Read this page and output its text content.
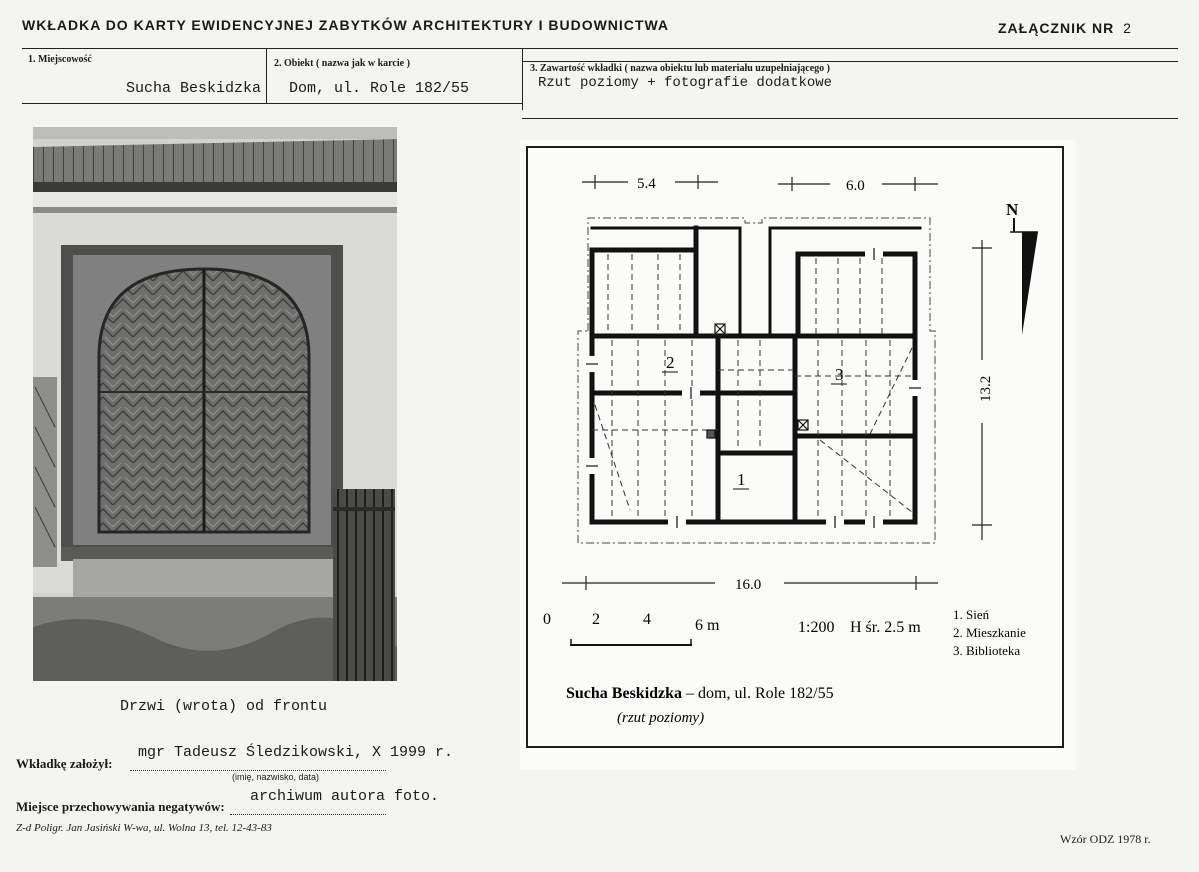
WKŁADKA DO KARTY EWIDENCYJNEJ ZABYTKÓW ARCHITEKTURY I BUDOWNICTWA	ZAŁĄCZNIK NR 2
1. Miejscowość
Sucha Beskidzka
2. Obiekt ( nazwa jak w karcie )
Dom, ul. Role 182/55
3. Zawartość wkładki ( nazwa obiektu lub materiału uzupełniającego )
Rzut poziomy + fotografie dodatkowe
Drzwi (wrota) od frontu
5.4	6.0
13.2
16.0
N
2
3
1
0	2	4	6 m	1:200 H śr. 2.5 m
1. Sień
2. Mieszkanie
3. Biblioteka
Sucha Beskidzka – dom, ul. Role 182/55
(rzut poziomy)
Wkładkę założył:
mgr Tadeusz Śledzikowski, X 1999 r.
(imię, nazwisko, data)
Miejsce przechowywania negatywów:
archiwum autora foto.
Z-d Poligr. Jan Jasiński W-wa, ul. Wolna 13, tel. 12-43-83
Wzór ODZ 1978 r.
